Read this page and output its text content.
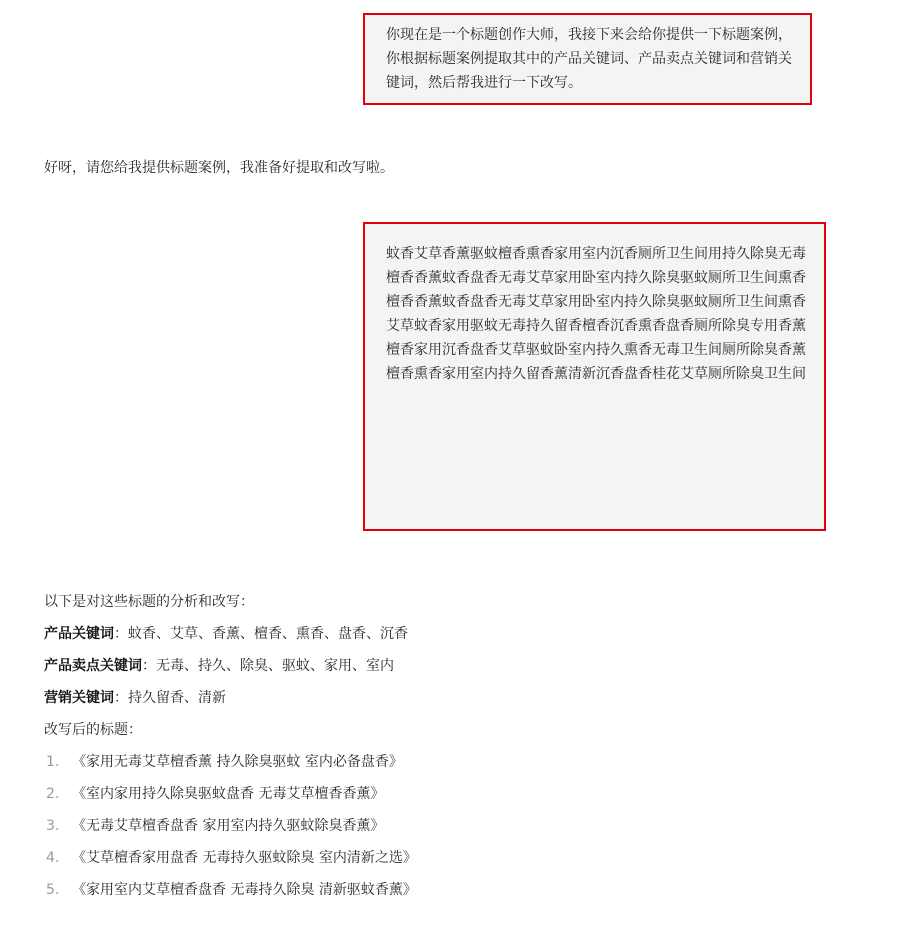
你现在是一个标题创作大师，我接下来会给你提供一下标题案例，你根据标题案例提取其中的产品关键词、产品卖点关键词和营销关键词，然后帮我进行一下改写。
好呀，请您给我提供标题案例，我准备好提取和改写啦。
蚊香艾草香薰驱蚊檀香熏香家用室内沉香厕所卫生间用持久除臭无毒
檀香香薰蚊香盘香无毒艾草家用卧室内持久除臭驱蚊厕所卫生间熏香
檀香香薰蚊香盘香无毒艾草家用卧室内持久除臭驱蚊厕所卫生间熏香
艾草蚊香家用驱蚊无毒持久留香檀香沉香熏香盘香厕所除臭专用香薰
檀香家用沉香盘香艾草驱蚊卧室内持久熏香无毒卫生间厕所除臭香薰
檀香熏香家用室内持久留香薰清新沉香盘香桂花艾草厕所除臭卫生间
以下是对这些标题的分析和改写：
产品关键词：蚊香、艾草、香薰、檀香、熏香、盘香、沉香
产品卖点关键词：无毒、持久、除臭、驱蚊、家用、室内
营销关键词：持久留香、清新
改写后的标题：
1. 《家用无毒艾草檀香薰 持久除臭驱蚊 室内必备盘香》
2. 《室内家用持久除臭驱蚊盘香 无毒艾草檀香香薰》
3. 《无毒艾草檀香盘香 家用室内持久驱蚊除臭香薰》
4. 《艾草檀香家用盘香 无毒持久驱蚊除臭 室内清新之选》
5. 《家用室内艾草檀香盘香 无毒持久除臭 清新驱蚊香薰》
